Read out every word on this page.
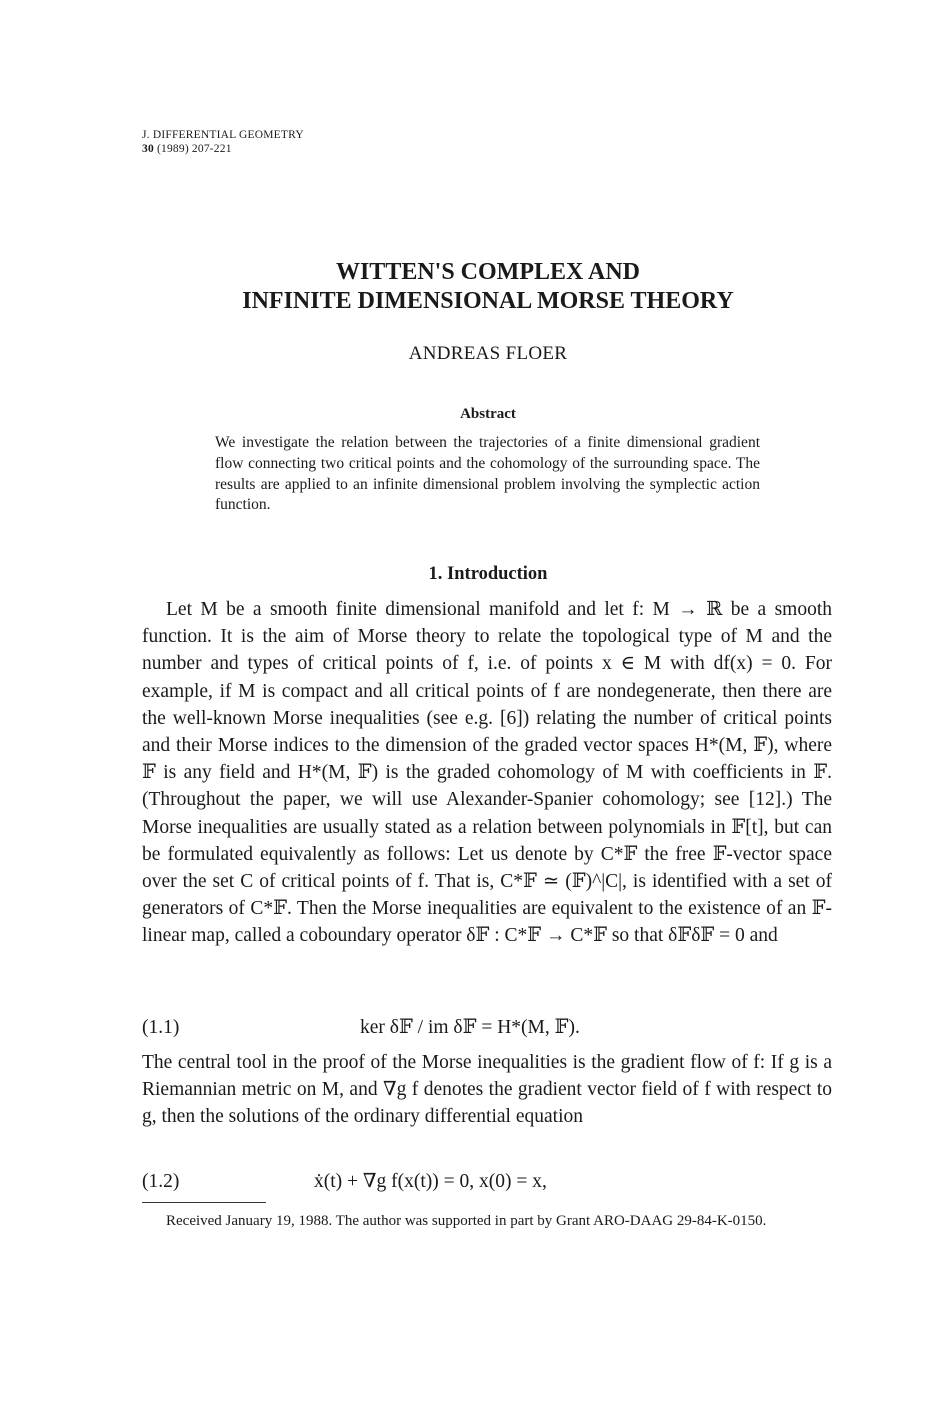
J. DIFFERENTIAL GEOMETRY
30 (1989) 207-221
WITTEN'S COMPLEX AND
INFINITE DIMENSIONAL MORSE THEORY
ANDREAS FLOER
Abstract
We investigate the relation between the trajectories of a finite dimensional gradient flow connecting two critical points and the cohomology of the surrounding space. The results are applied to an infinite dimensional problem involving the symplectic action function.
1. Introduction
Let M be a smooth finite dimensional manifold and let f: M → ℝ be a smooth function. It is the aim of Morse theory to relate the topological type of M and the number and types of critical points of f, i.e. of points x ∈ M with df(x) = 0. For example, if M is compact and all critical points of f are nondegenerate, then there are the well-known Morse inequalities (see e.g. [6]) relating the number of critical points and their Morse indices to the dimension of the graded vector spaces H*(M, 𝔽), where 𝔽 is any field and H*(M, 𝔽) is the graded cohomology of M with coefficients in 𝔽. (Throughout the paper, we will use Alexander-Spanier cohomology; see [12].) The Morse inequalities are usually stated as a relation between polynomials in 𝔽[t], but can be formulated equivalently as follows: Let us denote by C*𝔽 the free 𝔽-vector space over the set C of critical points of f. That is, C*𝔽 ≃ (𝔽)^|C|, is identified with a set of generators of C*𝔽. Then the Morse inequalities are equivalent to the existence of an 𝔽-linear map, called a coboundary operator δ𝔽 : C*𝔽 → C*𝔽 so that δ𝔽δ𝔽 = 0 and
(1.1)	ker δ𝔽 / im δ𝔽 = H*(M, 𝔽).
The central tool in the proof of the Morse inequalities is the gradient flow of f: If g is a Riemannian metric on M, and ∇g f denotes the gradient vector field of f with respect to g, then the solutions of the ordinary differential equation
(1.2)	ẋ(t) + ∇g f(x(t)) = 0, x(0) = x,
Received January 19, 1988. The author was supported in part by Grant ARO-DAAG 29-84-K-0150.
